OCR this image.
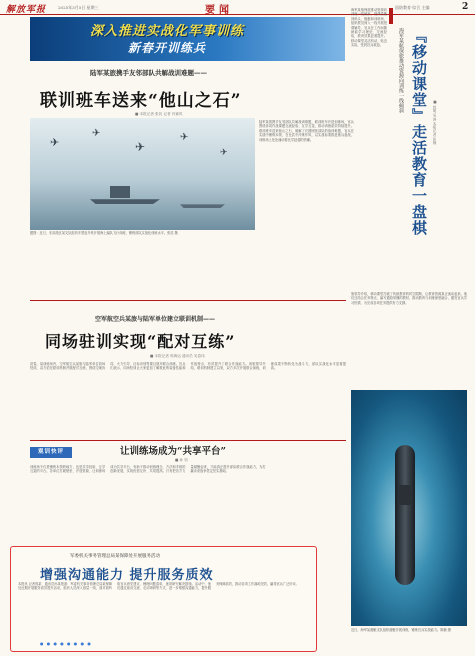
解放军报	2025年3月5日 星期三	要闻	国防教育·综合 主编	2
深入推进实战化军事训练
新春开训练兵
陆军某旅携手友邻部队共解战训难题——
联训班车送来“他山之石”
■ 本报记者 张钊 记者 肖赛风
✈
✈
✈
✈
✈
题图：近日，东部战区某支队组织多型直升机开展海上编队飞行训练，锤炼部队实战化训练水平。张浩 摄
陆军某旅携手友邻部队共解战训难题，联训班车开进训练场，官兵围绕协同作战课题交流经验、互学互鉴，推动训练质效持续提升。联训班车送来他山之石，破解了长期困扰部队的战训难题，官兵在实践中锤炼本领，在比武中淬炼作风，以实战标准推进练兵备战，训练场上处处涌动着比学赶超的热潮。
空军航空兵某旅与陆军单位建立联训机制——
同场驻训实现“配对互练”
■ 本报记者 郭海运 通讯员 吴春伟
初春，某训练场内，空军航空兵某旅与陆军单位同场驻训，双方依托联训机制开展配对互练，围绕空地协同、火力引导、目标识别等课目展开联合训练。官兵们表示，同场驻训让大家更加了解彼此的装备性能和作战特点，有效提升了联合作战能力。该旅领导介绍，联训机制建立以来，双方多次开展联合演练，训练成果不断转化为战斗力，部队实战化水平显著提高。
观训快评	让训练场成为“共享平台”
■ 孙 钧
训练场不仅是锤炼本领的地方，也是共享经验、互学互鉴的平台。各单位打破壁垒、开放资源，让训练场成为共享平台，有助于推动训练理念、方法和手段的创新发展，实现优势互补、共同提高。只有把各方力量凝聚起来，才能真正提升部队联合作战能力，为打赢未来战争奠定坚实基础。
军委机关事务管理总局某保障处开展服务活动
增强沟通能力 提升服务质效
本报讯 记者郭某、通讯员孙某报道：军委机关事务管理总局某保障处近期开展服务质效提升活动，组织人员深入基层一线，面对面听取官兵意见建议，梳理问题清单，逐项研究解决措施。活动中，他们通过座谈交流、走访调研等方式，进一步增强沟通能力，提升服务保障质效，推动各项工作落地见效，赢得官兵广泛好评。
● ● ● ● ● ● ● ●
海军某航保旅推动资源向训练一线倾斜，把课堂搬到码头、舰艇和训练场，组织教员深入一线开展授课辅导，官兵在工作间隙就能学习理论、交流经验，教育效果显著提升。移动课堂灵活机动，贴近实际，受到官兵欢迎。	海军某航保旅推动资源向训练一线倾斜 『移动课堂』走活教育一盘棋	■ 郭明 吴涛 本报记者 张楠
旅领导介绍，移动课堂打破了传统教育的时空限制，让教育资源真正流动起来。他们还结合任务特点，编写通俗易懂的教材，推动教育与训练深度融合，激发官兵学习热情，为完成各项任务提供有力支撑。
近日，海军某潜艇支队组织潜艇开展训练，锤炼官兵实战能力。陈楠 摄
